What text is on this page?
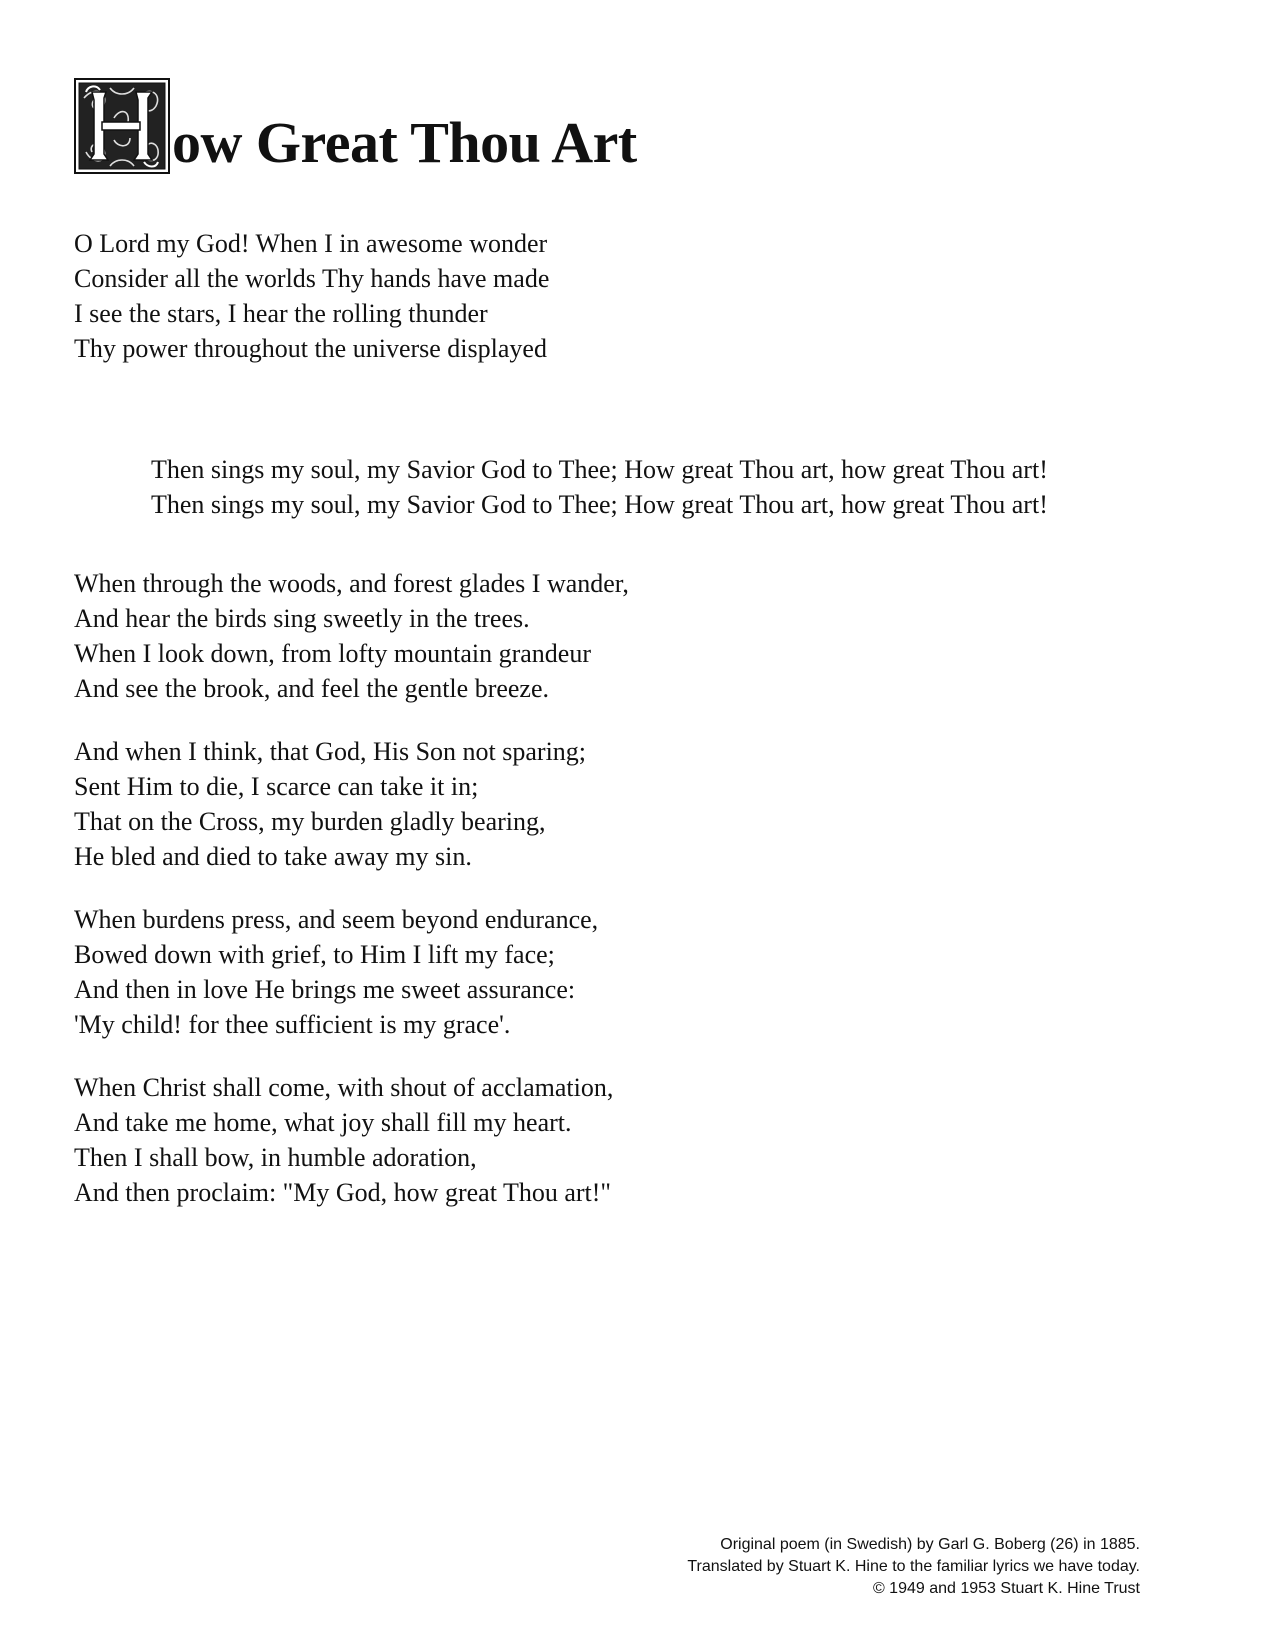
ow Great Thou Art
O Lord my God! When I in awesome wonder
Consider all the worlds Thy hands have made
I see the stars, I hear the rolling thunder
Thy power throughout the universe displayed
Then sings my soul, my Savior God to Thee; How great Thou art, how great Thou art!
Then sings my soul, my Savior God to Thee; How great Thou art, how great Thou art!
When through the woods, and forest glades I wander,
And hear the birds sing sweetly in the trees.
When I look down, from lofty mountain grandeur
And see the brook, and feel the gentle breeze.
And when I think, that God, His Son not sparing;
Sent Him to die, I scarce can take it in;
That on the Cross, my burden gladly bearing,
He bled and died to take away my sin.
When burdens press, and seem beyond endurance,
Bowed down with grief, to Him I lift my face;
And then in love He brings me sweet assurance:
'My child! for thee sufficient is my grace'.
When Christ shall come, with shout of acclamation,
And take me home, what joy shall fill my heart.
Then I shall bow, in humble adoration,
And then proclaim: "My God, how great Thou art!"
Original poem (in Swedish) by Garl G. Boberg (26) in 1885.
Translated by Stuart K. Hine to the familiar lyrics we have today.
© 1949 and 1953 Stuart K. Hine Trust
